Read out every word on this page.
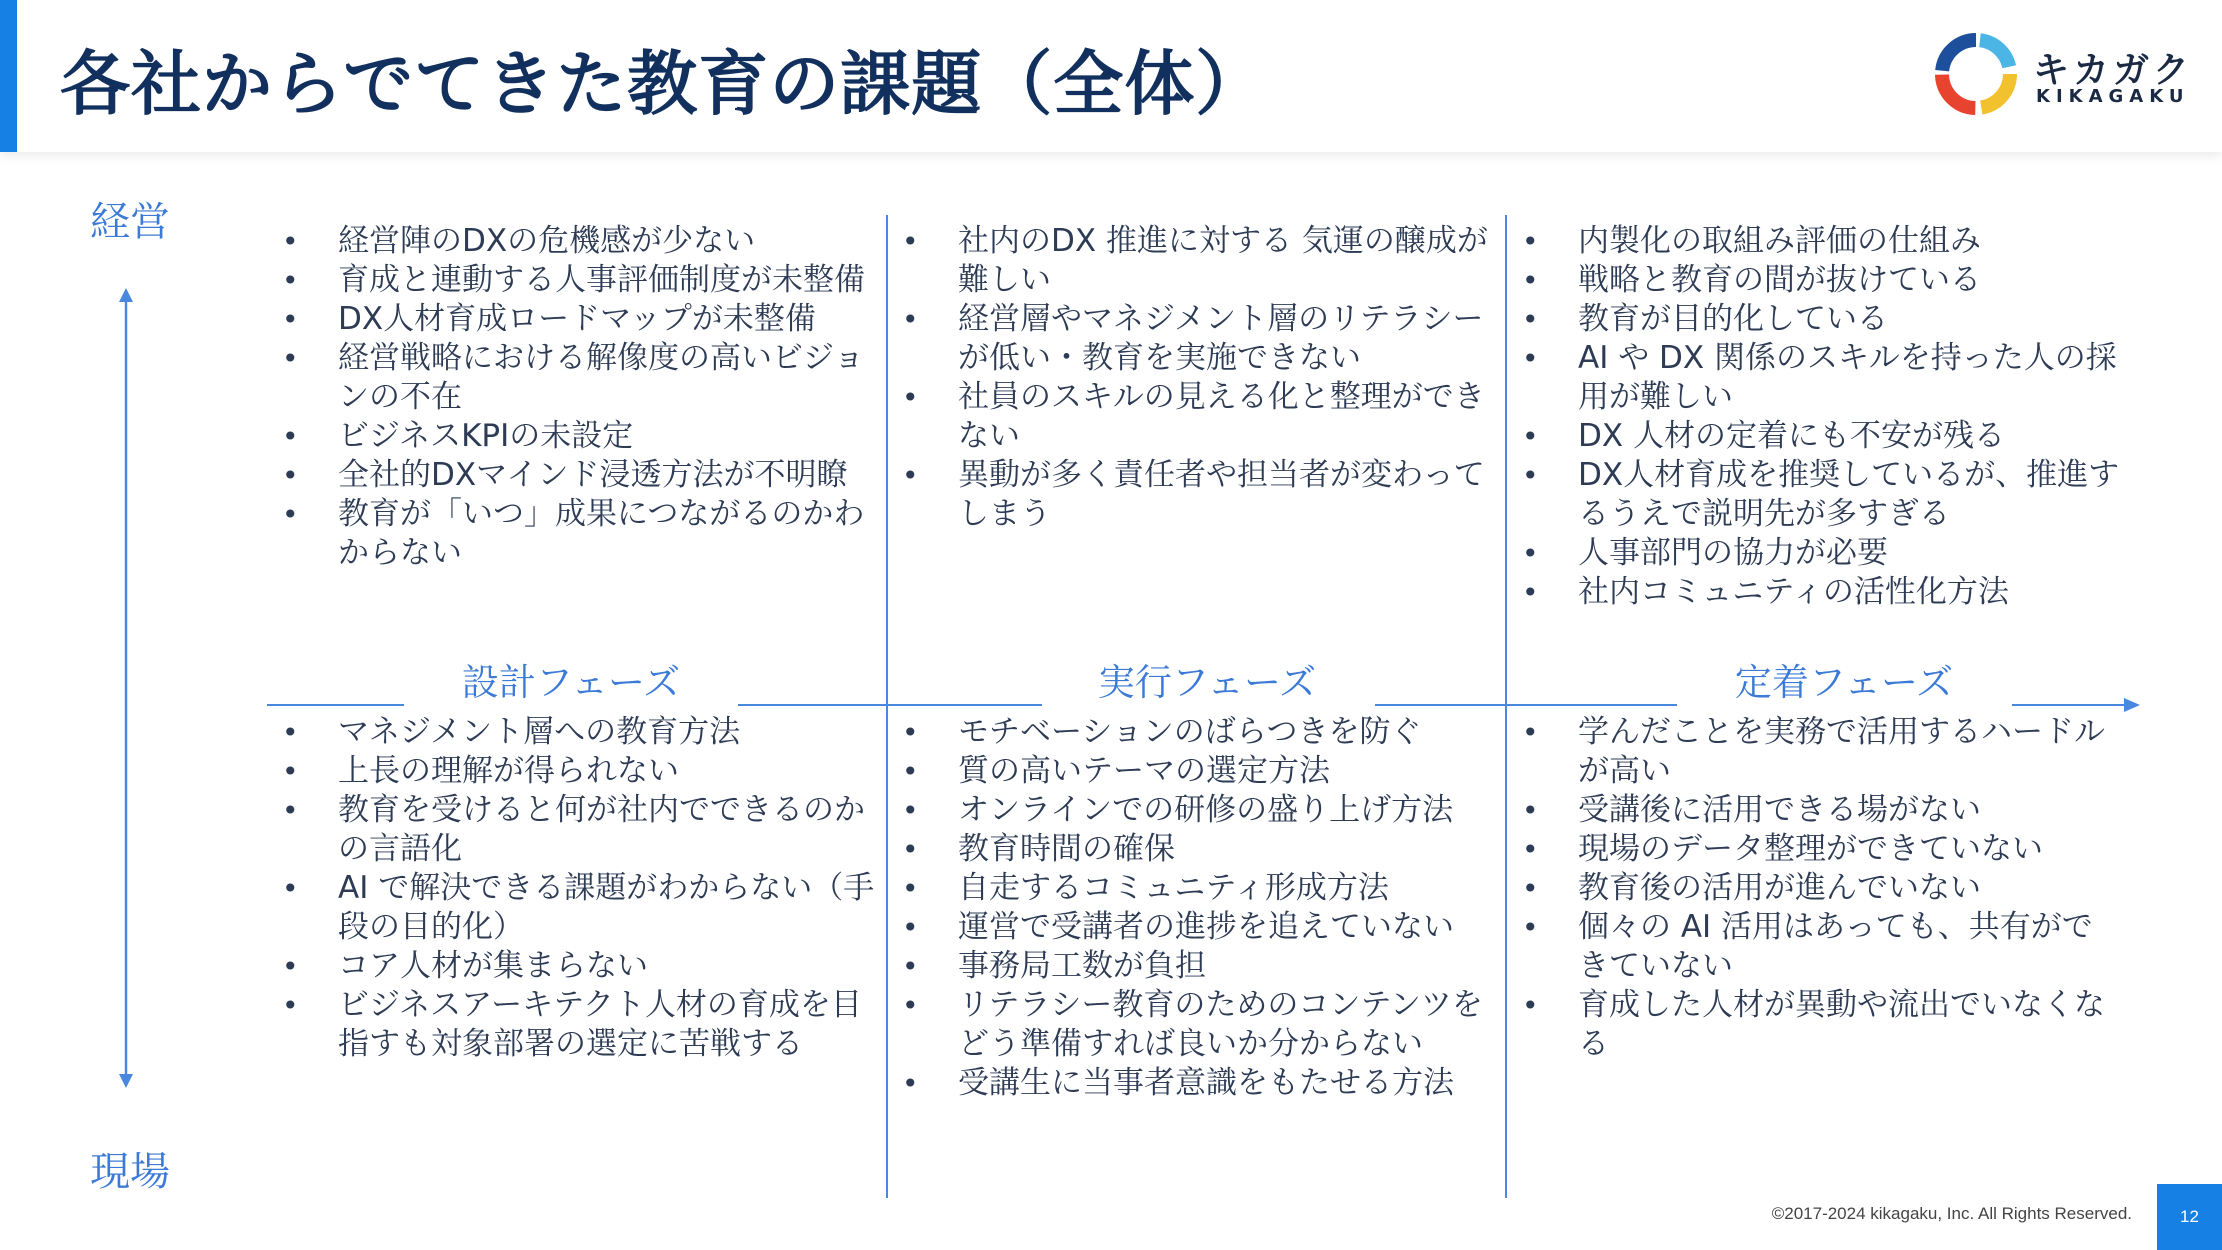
各社からでてきた教育の課題（全体）	キカガク
KIKAGAKU
経営
現場
設計フェーズ	実行フェーズ	定着フェーズ
• 経営陣のDXの危機感が少ない
• 育成と連動する人事評価制度が未整備
• DX人材育成ロードマップが未整備
• 経営戦略における解像度の高いビジョンの不在
• ビジネスKPIの未設定
• 全社的DXマインド浸透方法が不明瞭
• 教育が「いつ」成果につながるのかわからない
• 社内のDX 推進に対する 気運の醸成が難しい
• 経営層やマネジメント層のリテラシーが低い・教育を実施できない
• 社員のスキルの見える化と整理ができない
• 異動が多く責任者や担当者が変わってしまう
• 内製化の取組み評価の仕組み
• 戦略と教育の間が抜けている
• 教育が目的化している
• AI や DX 関係のスキルを持った人の採用が難しい
• DX 人材の定着にも不安が残る
• DX人材育成を推奨しているが、推進するうえで説明先が多すぎる
• 人事部門の協力が必要
• 社内コミュニティの活性化方法
• マネジメント層への教育方法
• 上長の理解が得られない
• 教育を受けると何が社内でできるのかの言語化
• AI で解決できる課題がわからない（手段の目的化）
• コア人材が集まらない
• ビジネスアーキテクト人材の育成を目指すも対象部署の選定に苦戦する
• モチベーションのばらつきを防ぐ
• 質の高いテーマの選定方法
• オンラインでの研修の盛り上げ方法
• 教育時間の確保
• 自走するコミュニティ形成方法
• 運営で受講者の進捗を追えていない
• 事務局工数が負担
• リテラシー教育のためのコンテンツをどう準備すれば良いか分からない
• 受講生に当事者意識をもたせる方法
• 学んだことを実務で活用するハードルが高い
• 受講後に活用できる場がない
• 現場のデータ整理ができていない
• 教育後の活用が進んでいない
• 個々の AI 活用はあっても、共有ができていない
• 育成した人材が異動や流出でいなくなる
©2017-2024 kikagaku, Inc. All Rights Reserved.	12
